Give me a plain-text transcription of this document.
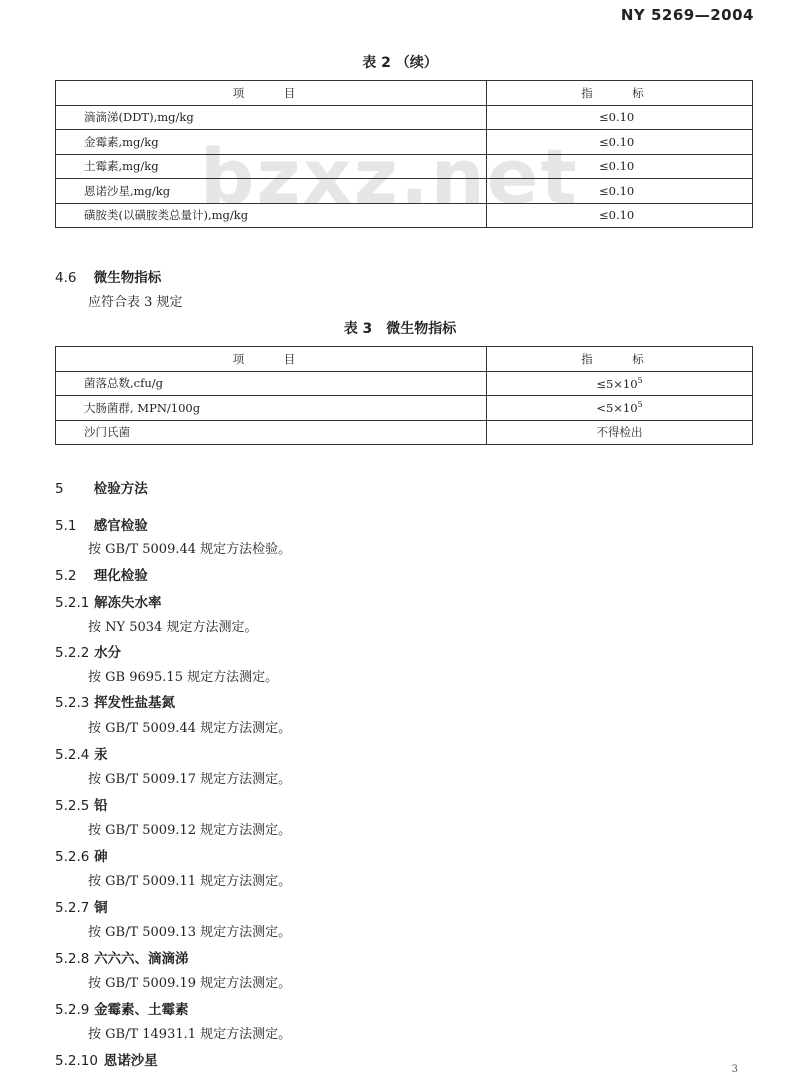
NY 5269—2004
bzxz.net
表 2 （续）
项　目	指　标
滴滴涕(DDT),mg/kg	≤0.10
金霉素,mg/kg	≤0.10
土霉素,mg/kg	≤0.10
恩诺沙星,mg/kg	≤0.10
磺胺类(以磺胺类总量计),mg/kg	≤0.10
4.6 微生物指标
应符合表 3 规定
表 3　微生物指标
项　目	指　标
菌落总数,cfu/g	$\le 5\times 10^5$
大肠菌群, MPN/100g	$<5\times 10^5$
沙门氏菌	不得检出
5 检验方法
5.1 感官检验
按 GB/T 5009.44 规定方法检验。
5.2 理化检验
5.2.1 解冻失水率
按 NY 5034 规定方法测定。
5.2.2 水分
按 GB 9695.15 规定方法测定。
5.2.3 挥发性盐基氮
按 GB/T 5009.44 规定方法测定。
5.2.4 汞
按 GB/T 5009.17 规定方法测定。
5.2.5 铅
按 GB/T 5009.12 规定方法测定。
5.2.6 砷
按 GB/T 5009.11 规定方法测定。
5.2.7 铜
按 GB/T 5009.13 规定方法测定。
5.2.8 六六六、滴滴涕
按 GB/T 5009.19 规定方法测定。
5.2.9 金霉素、土霉素
按 GB/T 14931.1 规定方法测定。
5.2.10 恩诺沙星
3
